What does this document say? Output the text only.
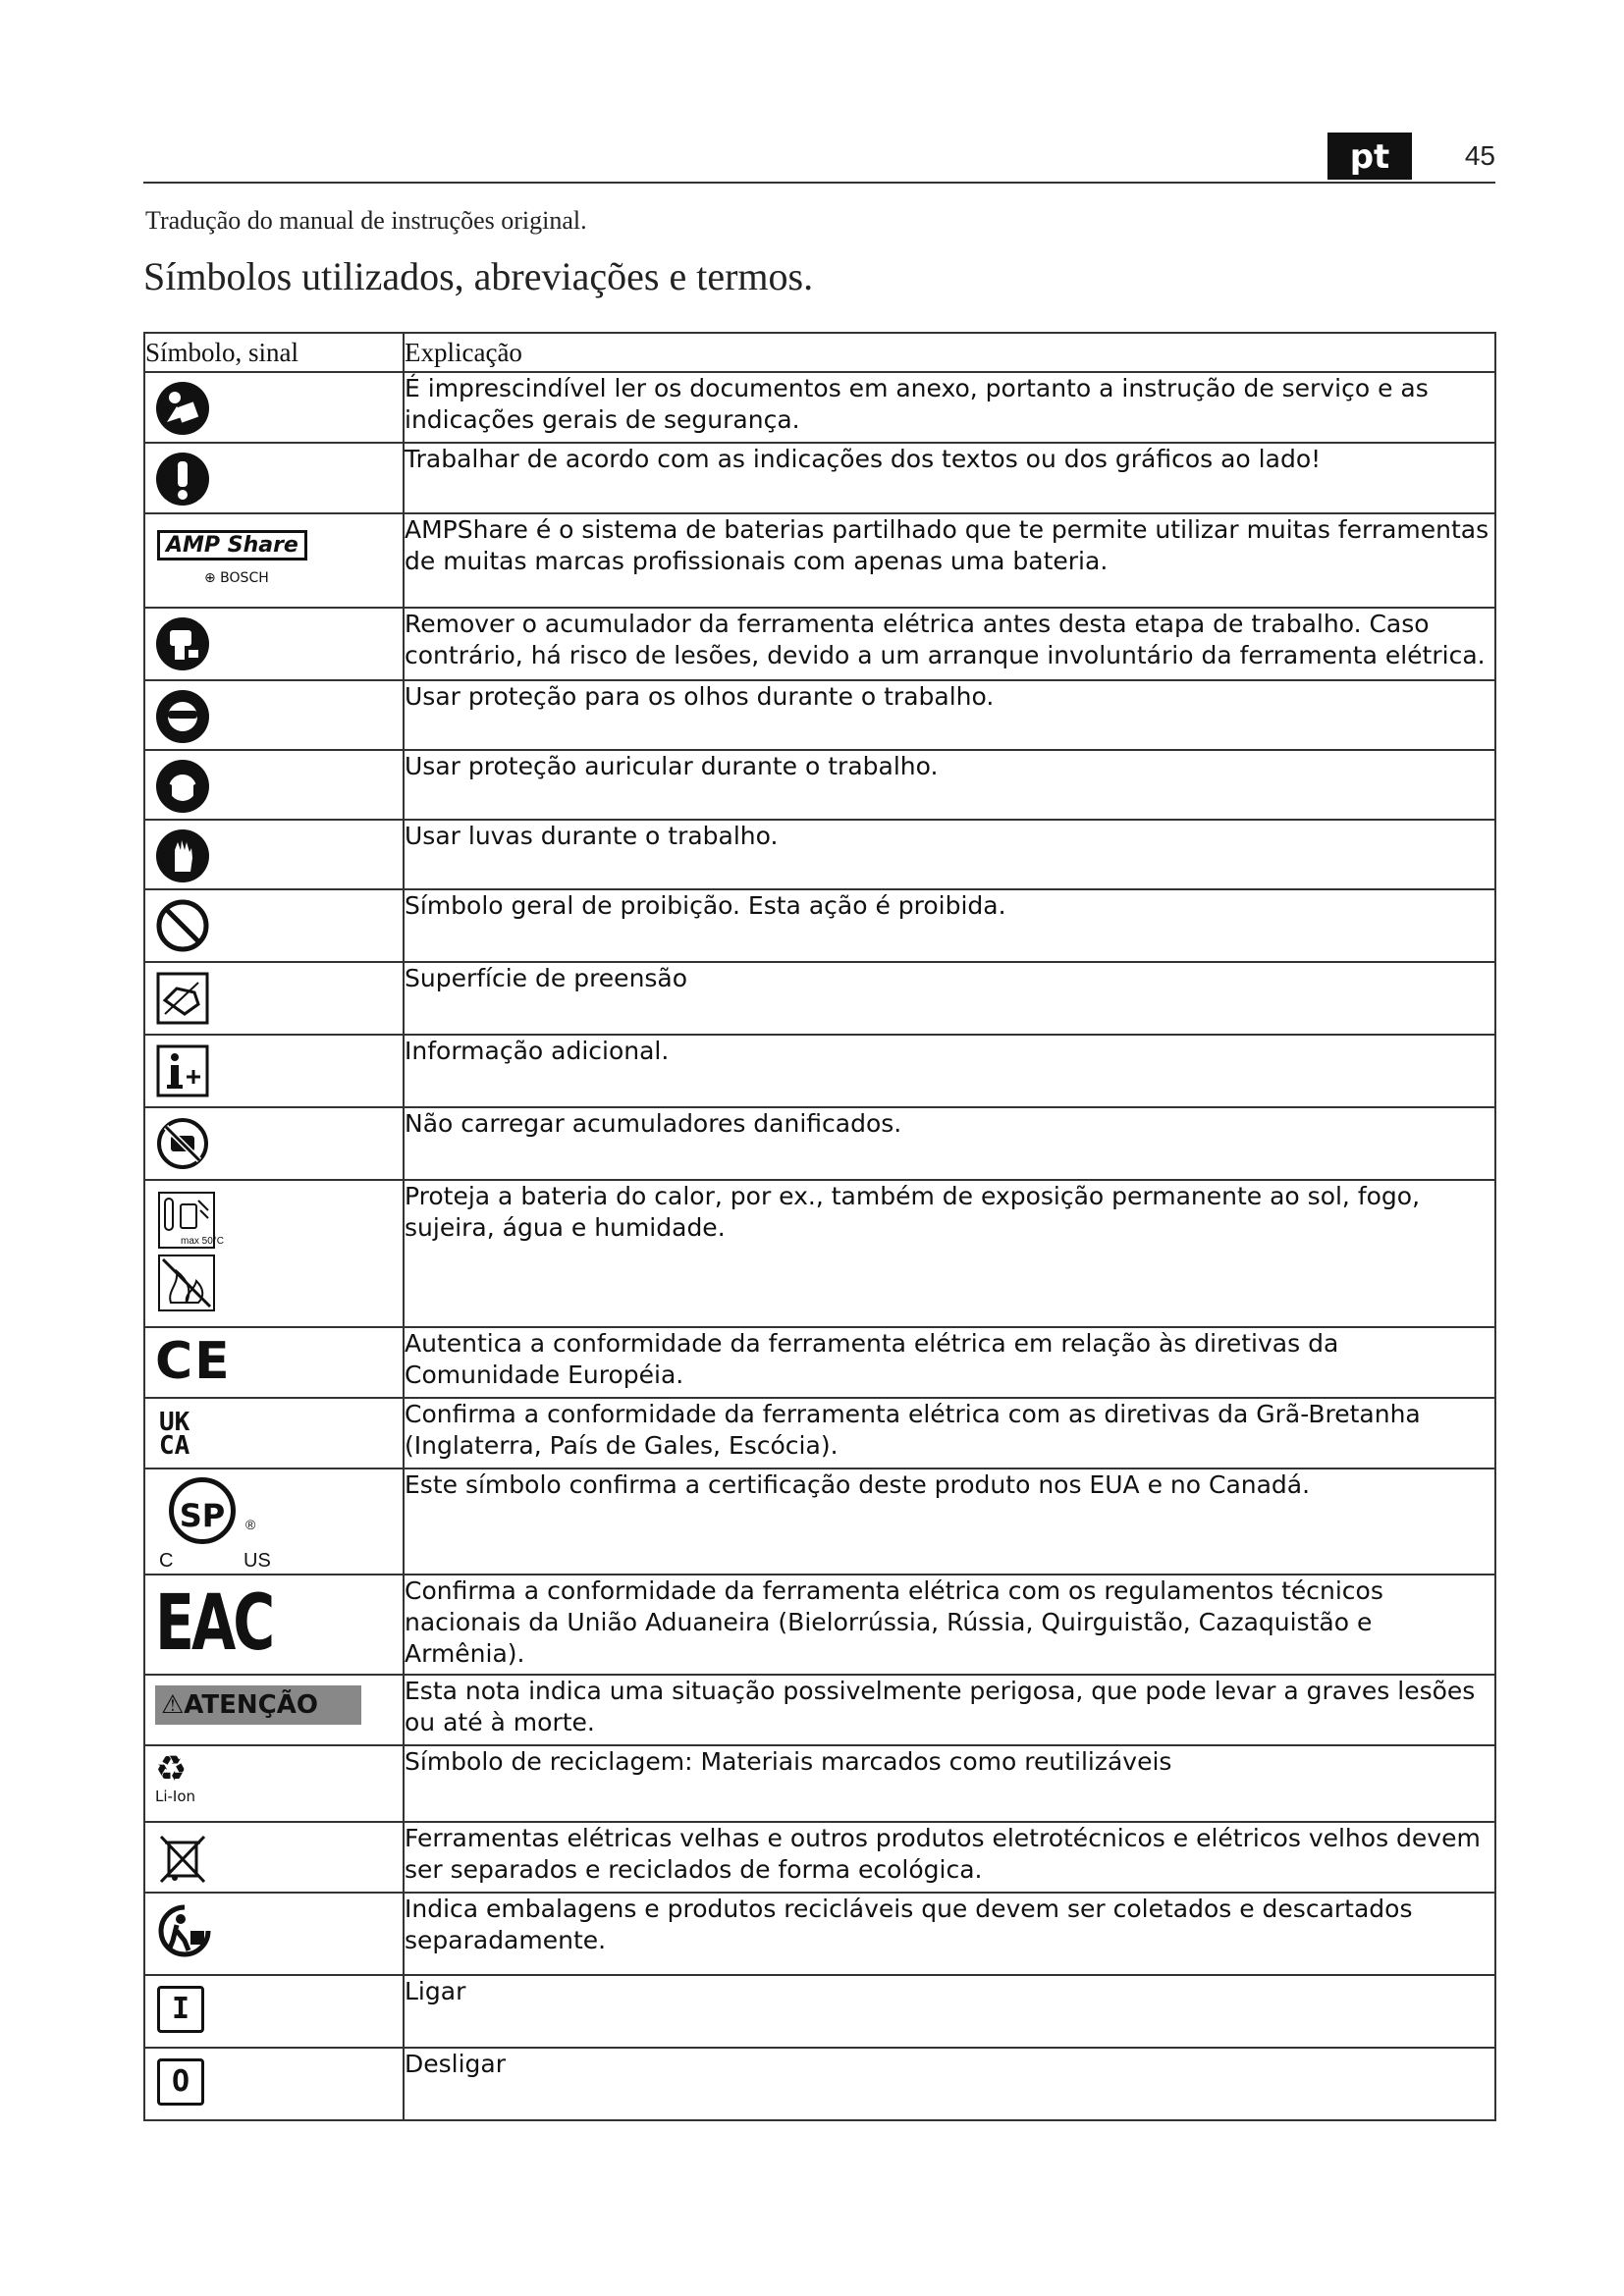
pt	45
Tradução do manual de instruções original.
Símbolos utilizados, abreviações e termos.
Símbolo, sinal	Explicação
	É imprescindível ler os documentos em anexo, portanto a instrução de serviço e as indicações gerais de segurança.
	Trabalhar de acordo com as indicações dos textos ou dos gráficos ao lado!

AMP Share
⊕ BOSCH	AMPShare é o sistema de baterias partilhado que te permite utilizar muitas ferramentas de muitas marcas profissionais com apenas uma bateria.
	Remover o acumulador da ferramenta elétrica antes desta etapa de trabalho. Caso contrário, há risco de lesões, devido a um arranque involuntário da ferramenta elétrica.
	Usar proteção para os olhos durante o trabalho.
	Usar proteção auricular durante o trabalho.
	Usar luvas durante o trabalho.
	Símbolo geral de proibição. Esta ação é proibida.
	Superfície de preensão
	Informação adicional.
	Não carregar acumuladores danificados.

max 50°C	Proteja a bateria do calor, por ex., também de exposição permanente ao sol, fogo, sujeira, água e humidade.

CE	Autentica a conformidade da ferramenta elétrica em relação às diretivas da Comunidade Européia.

UK
CA	Confirma a conformidade da ferramenta elétrica com as diretivas da Grã-Bretanha (Inglaterra, País de Gales, Escócia).

SP ®
C US	Este símbolo confirma a certificação deste produto nos EUA e no Canadá.

EAC	Confirma a conformidade da ferramenta elétrica com os regulamentos técnicos nacionais da União Aduaneira (Bielorrússia, Rússia, Quirguistão, Cazaquistão e Armênia).

⚠ATENÇÃO	Esta nota indica uma situação possivelmente perigosa, que pode levar a graves lesões ou até à morte.

♻
Li-Ion	Símbolo de reciclagem: Materiais marcados como reutilizáveis
	Ferramentas elétricas velhas e outros produtos eletrotécnicos e elétricos velhos devem ser separados e reciclados de forma ecológica.
	Indica embalagens e produtos recicláveis que devem ser coletados e descartados separadamente.

I	Ligar

O	Desligar
